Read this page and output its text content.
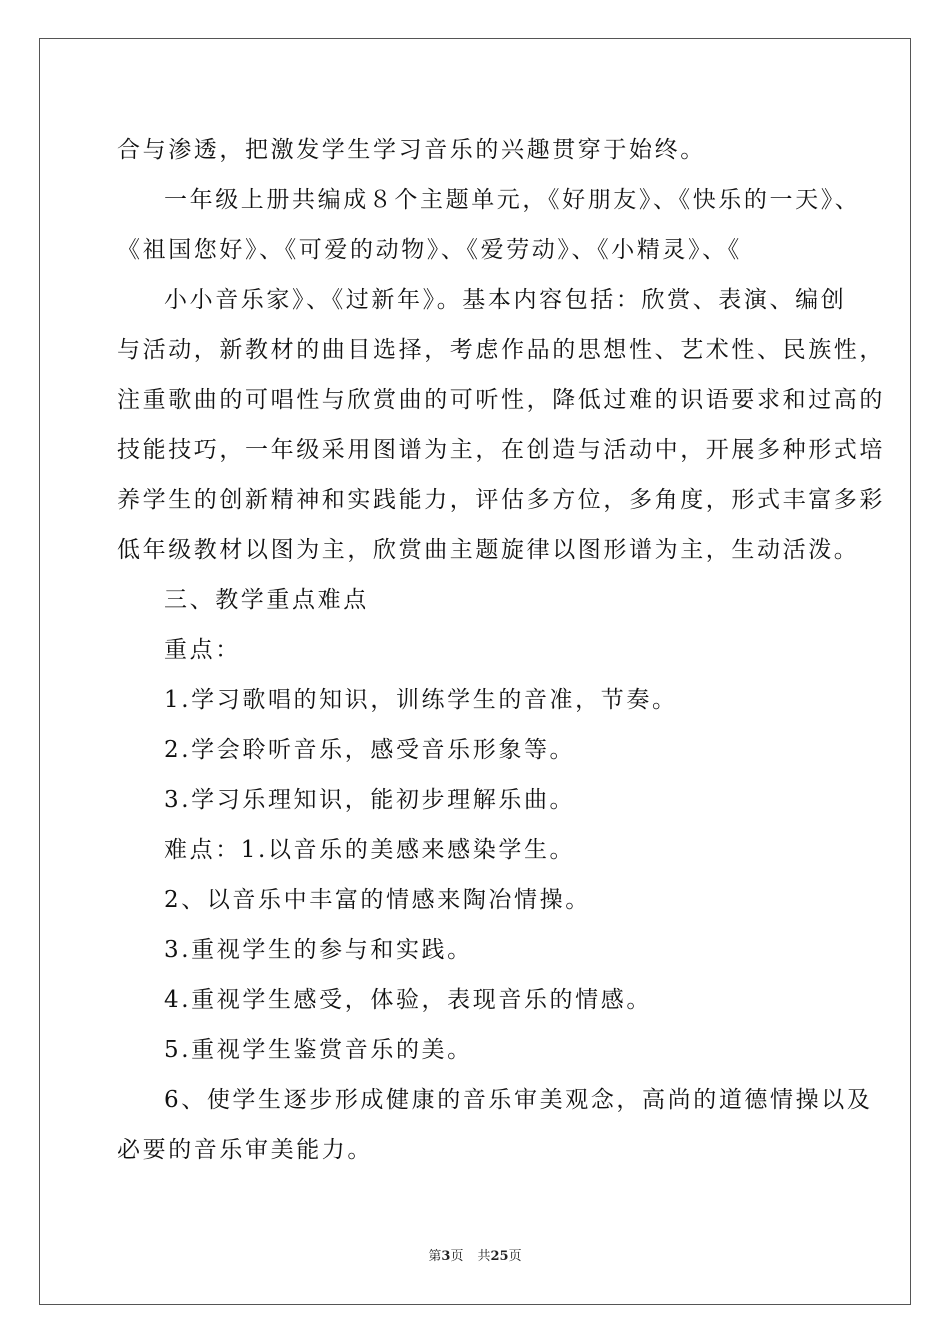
合与渗透，把激发学生学习音乐的兴趣贯穿于始终。
一年级上册共编成８个主题单元，《好朋友》、《快乐的一天》、
《祖国您好》、《可爱的动物》、《爱劳动》、《小精灵》、《
小小音乐家》、《过新年》。基本内容包括：欣赏、表演、编创
与活动，新教材的曲目选择，考虑作品的思想性、艺术性、民族性，
注重歌曲的可唱性与欣赏曲的可听性，降低过难的识语要求和过高的
技能技巧，一年级采用图谱为主，在创造与活动中，开展多种形式培
养学生的创新精神和实践能力，评估多方位，多角度，形式丰富多彩
低年级教材以图为主，欣赏曲主题旋律以图形谱为主，生动活泼。
三、教学重点难点
重点：
1.学习歌唱的知识，训练学生的音准，节奏。
2.学会聆听音乐，感受音乐形象等。
3.学习乐理知识，能初步理解乐曲。
难点：1.以音乐的美感来感染学生。
2、以音乐中丰富的情感来陶冶情操。
3.重视学生的参与和实践。
4.重视学生感受，体验，表现音乐的情感。
5.重视学生鉴赏音乐的美。
6、使学生逐步形成健康的音乐审美观念，高尚的道德情操以及
必要的音乐审美能力。
第3页 共25页
